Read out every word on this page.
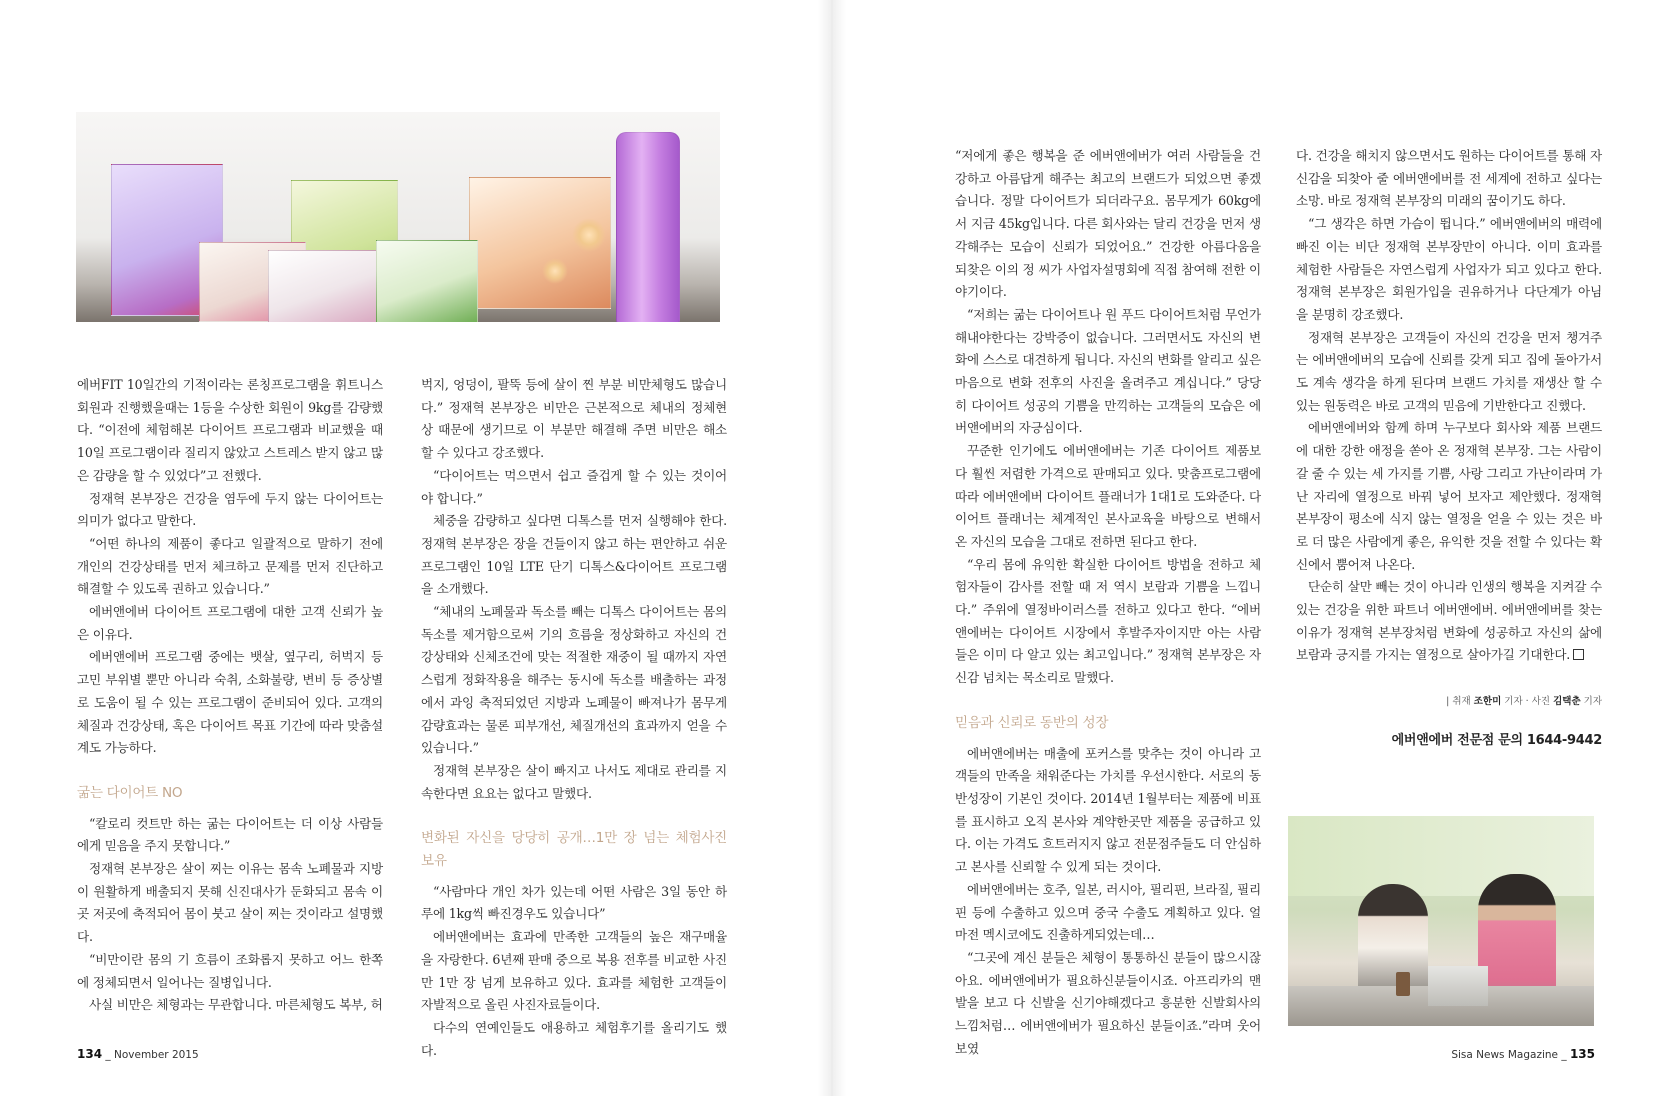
에버FIT 10일간의 기적이라는 론칭프로그램을 휘트니스 회원과 진행했을때는 1등을 수상한 회원이 9kg를 감량했다. “이전에 체험해본 다이어트 프로그램과 비교했을 때 10일 프로그램이라 질리지 않았고 스트레스 받지 않고 많은 감량을 할 수 있었다”고 전했다.

정재혁 본부장은 건강을 염두에 두지 않는 다이어트는 의미가 없다고 말한다.

“어떤 하나의 제품이 좋다고 일괄적으로 말하기 전에 개인의 건강상태를 먼저 체크하고 문제를 먼저 진단하고 해결할 수 있도록 권하고 있습니다.”

에버앤에버 다이어트 프로그램에 대한 고객 신뢰가 높은 이유다.

에버앤에버 프로그램 중에는 뱃살, 옆구리, 허벅지 등 고민 부위별 뿐만 아니라 숙취, 소화불량, 변비 등 증상별로 도움이 될 수 있는 프로그램이 준비되어 있다. 고객의 체질과 건강상태, 혹은 다이어트 목표 기간에 따라 맞춤설계도 가능하다.

굶는 다이어트 NO

“칼로리 컷트만 하는 굶는 다이어트는 더 이상 사람들에게 믿음을 주지 못합니다.”

정재혁 본부장은 살이 찌는 이유는 몸속 노폐물과 지방이 원활하게 배출되지 못해 신진대사가 둔화되고 몸속 이곳 저곳에 축적되어 몸이 붓고 살이 찌는 것이라고 설명했다.

“비만이란 몸의 기 흐름이 조화롭지 못하고 어느 한쪽에 정체되면서 일어나는 질병입니다.

사실 비만은 체형과는 무관합니다. 마른체형도 복부, 허

벅지, 엉덩이, 팔뚝 등에 살이 찐 부분 비만체형도 많습니다.” 정재혁 본부장은 비만은 근본적으로 체내의 정체현상 때문에 생기므로 이 부분만 해결해 주면 비만은 해소 할 수 있다고 강조했다.

“다이어트는 먹으면서 쉽고 즐겁게 할 수 있는 것이어야 합니다.”

체중을 감량하고 싶다면 디톡스를 먼저 실행해야 한다. 정재혁 본부장은 장을 건들이지 않고 하는 편안하고 쉬운 프로그램인 10일 LTE 단기 디톡스&다이어트 프로그램을 소개했다.

“체내의 노폐물과 독소를 빼는 디톡스 다이어트는 몸의 독소를 제거함으로써 기의 흐름을 정상화하고 자신의 건강상태와 신체조건에 맞는 적절한 재중이 될 때까지 자연스럽게 정화작용을 해주는 동시에 독소를 배출하는 과정에서 과잉 축적되었던 지방과 노폐물이 빠져나가 몸무게 감량효과는 물론 피부개선, 체질개선의 효과까지 얻을 수 있습니다.”

정재혁 본부장은 살이 빠지고 나서도 제대로 관리를 지속한다면 요요는 없다고 말했다.

변화된 자신을 당당히 공개…1만 장 넘는 체험사진 보유

“사람마다 개인 차가 있는데 어떤 사람은 3일 동안 하루에 1kg씩 빠진경우도 있습니다”

에버앤에버는 효과에 만족한 고객들의 높은 재구매율을 자랑한다. 6년째 판매 중으로 복용 전후를 비교한 사진만 1만 장 넘게 보유하고 있다. 효과를 체험한 고객들이 자발적으로 올린 사진자료들이다.

다수의 연예인들도 애용하고 체험후기를 올리기도 했다.

“저에게 좋은 행복을 준 에버앤에버가 여러 사람들을 건강하고 아름답게 해주는 최고의 브랜드가 되었으면 좋겠습니다. 정말 다이어트가 되더라구요. 몸무게가 60kg에서 지금 45kg입니다. 다른 회사와는 달리 건강을 먼저 생각해주는 모습이 신뢰가 되었어요.” 건강한 아름다움을 되찾은 이의 정 씨가 사업자설명회에 직접 참여해 전한 이야기이다.

“저희는 굶는 다이어트나 원 푸드 다이어트처럼 무언가 해내야한다는 강박증이 없습니다. 그러면서도 자신의 변화에 스스로 대견하게 됩니다. 자신의 변화를 알리고 싶은 마음으로 변화 전후의 사진을 올려주고 계십니다.” 당당히 다이어트 성공의 기쁨을 만끽하는 고객들의 모습은 에버앤에버의 자긍심이다.

꾸준한 인기에도 에버앤에버는 기존 다이어트 제품보다 훨씬 저렴한 가격으로 판매되고 있다. 맞춤프로그램에 따라 에버앤에버 다이어트 플래너가 1대1로 도와준다. 다이어트 플래너는 체계적인 본사교육을 바탕으로 변해서온 자신의 모습을 그대로 전하면 된다고 한다.

“우리 몸에 유익한 확실한 다이어트 방법을 전하고 체험자들이 감사를 전할 때 저 역시 보람과 기쁨을 느낍니다.” 주위에 열정바이러스를 전하고 있다고 한다. “에버앤에버는 다이어트 시장에서 후발주자이지만 아는 사람들은 이미 다 알고 있는 최고입니다.” 정재혁 본부장은 자신감 넘치는 목소리로 말했다.

믿음과 신뢰로 동반의 성장

에버앤에버는 매출에 포커스를 맞추는 것이 아니라 고객들의 만족을 채워준다는 가치를 우선시한다. 서로의 동반성장이 기본인 것이다. 2014년 1월부터는 제품에 비표를 표시하고 오직 본사와 계약한곳만 제품을 공급하고 있다. 이는 가격도 흐트러지지 않고 전문점주들도 더 안심하고 본사를 신뢰할 수 있게 되는 것이다.

에버앤에버는 호주, 일본, 러시아, 필리핀, 브라질, 필리핀 등에 수출하고 있으며 중국 수출도 계획하고 있다. 얼마전 멕시코에도 진출하게되었는데…

“그곳에 계신 분들은 체형이 통통하신 분들이 많으시잖아요. 에버앤에버가 필요하신분들이시죠. 아프리카의 맨발을 보고 다 신발을 신기야해겠다고 흥분한 신발회사의 느낌처럼… 에버앤에버가 필요하신 분들이죠.”라며 웃어보였

다. 건강을 해치지 않으면서도 원하는 다이어트를 통해 자신감을 되찾아 줄 에버앤에버를 전 세계에 전하고 싶다는 소망. 바로 정재혁 본부장의 미래의 꿈이기도 하다.

“그 생각은 하면 가슴이 뜁니다.” 에버앤에버의 매력에 빠진 이는 비단 정재혁 본부장만이 아니다. 이미 효과를 체험한 사람들은 자연스럽게 사업자가 되고 있다고 한다. 정재혁 본부장은 회원가입을 권유하거나 다단계가 아님을 분명히 강조했다.

정재혁 본부장은 고객들이 자신의 건강을 먼저 챙겨주는 에버앤에버의 모습에 신뢰를 갖게 되고 집에 돌아가서도 계속 생각을 하게 된다며 브랜드 가치를 재생산 할 수 있는 원동력은 바로 고객의 믿음에 기반한다고 진했다.

에버앤에버와 함께 하며 누구보다 회사와 제품 브랜드에 대한 강한 애정을 쏟아 온 정재혁 본부장. 그는 사람이 갈 줄 수 있는 세 가지를 기쁨, 사랑 그리고 가난이라며 가난 자리에 열정으로 바꿔 넣어 보자고 제안했다. 정재혁 본부장이 평소에 식지 않는 열정을 얻을 수 있는 것은 바로 더 많은 사람에게 좋은, 유익한 것을 전할 수 있다는 확신에서 뿜어져 나온다.

단순히 살만 빼는 것이 아니라 인생의 행복을 지켜갈 수 있는 건강을 위한 파트너 에버앤에버. 에버앤에버를 찾는 이유가 정재혁 본부장처럼 변화에 성공하고 자신의 삶에 보람과 긍지를 가지는 열정으로 살아가길 기대한다.

| 취재 조한미 기자 · 사진 김택춘 기자
에버앤에버 전문점 문의 1644-9442
134 _ November 2015	Sisa News Magazine _ 135
